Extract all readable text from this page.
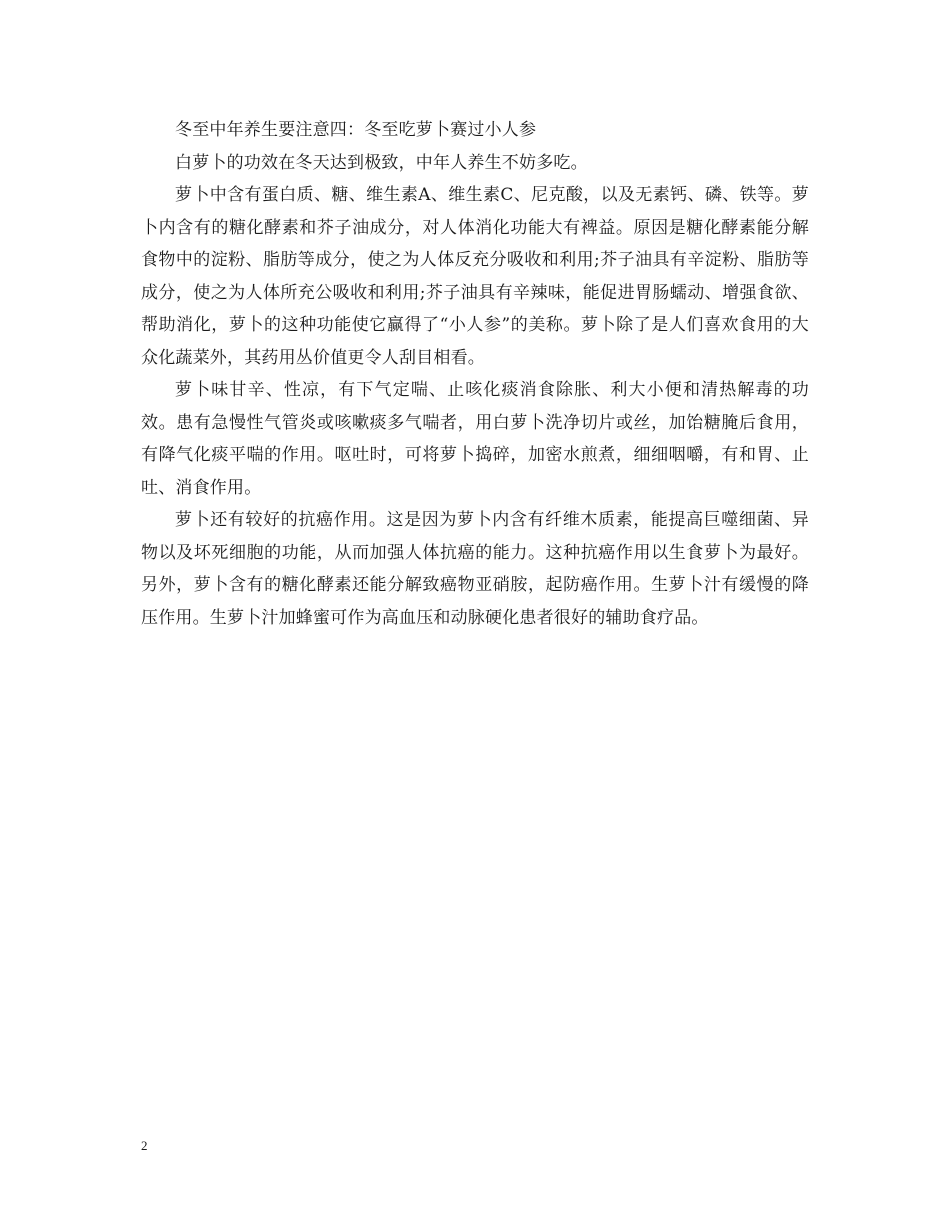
冬至中年养生要注意四：冬至吃萝卜赛过小人参

白萝卜的功效在冬天达到极致，中年人养生不妨多吃。

萝卜中含有蛋白质、糖、维生素A、维生素C、尼克酸，以及无素钙、磷、铁等。萝卜内含有的糖化酵素和芥子油成分，对人体消化功能大有裨益。原因是糖化酵素能分解食物中的淀粉、脂肪等成分，使之为人体反充分吸收和利用;芥子油具有辛淀粉、脂肪等成分，使之为人体所充公吸收和利用;芥子油具有辛辣味，能促进胃肠蠕动、增强食欲、帮助消化，萝卜的这种功能使它赢得了“小人参”的美称。萝卜除了是人们喜欢食用的大众化蔬菜外，其药用丛价值更令人刮目相看。

萝卜味甘辛、性凉，有下气定喘、止咳化痰消食除胀、利大小便和清热解毒的功效。患有急慢性气管炎或咳嗽痰多气喘者，用白萝卜洗净切片或丝，加饴糖腌后食用，有降气化痰平喘的作用。呕吐时，可将萝卜捣碎，加密水煎煮，细细咽嚼，有和胃、止吐、消食作用。

萝卜还有较好的抗癌作用。这是因为萝卜内含有纤维木质素，能提高巨噬细菌、异物以及坏死细胞的功能，从而加强人体抗癌的能力。这种抗癌作用以生食萝卜为最好。另外，萝卜含有的糖化酵素还能分解致癌物亚硝胺，起防癌作用。生萝卜汁有缓慢的降压作用。生萝卜汁加蜂蜜可作为高血压和动脉硬化患者很好的辅助食疗品。

2
